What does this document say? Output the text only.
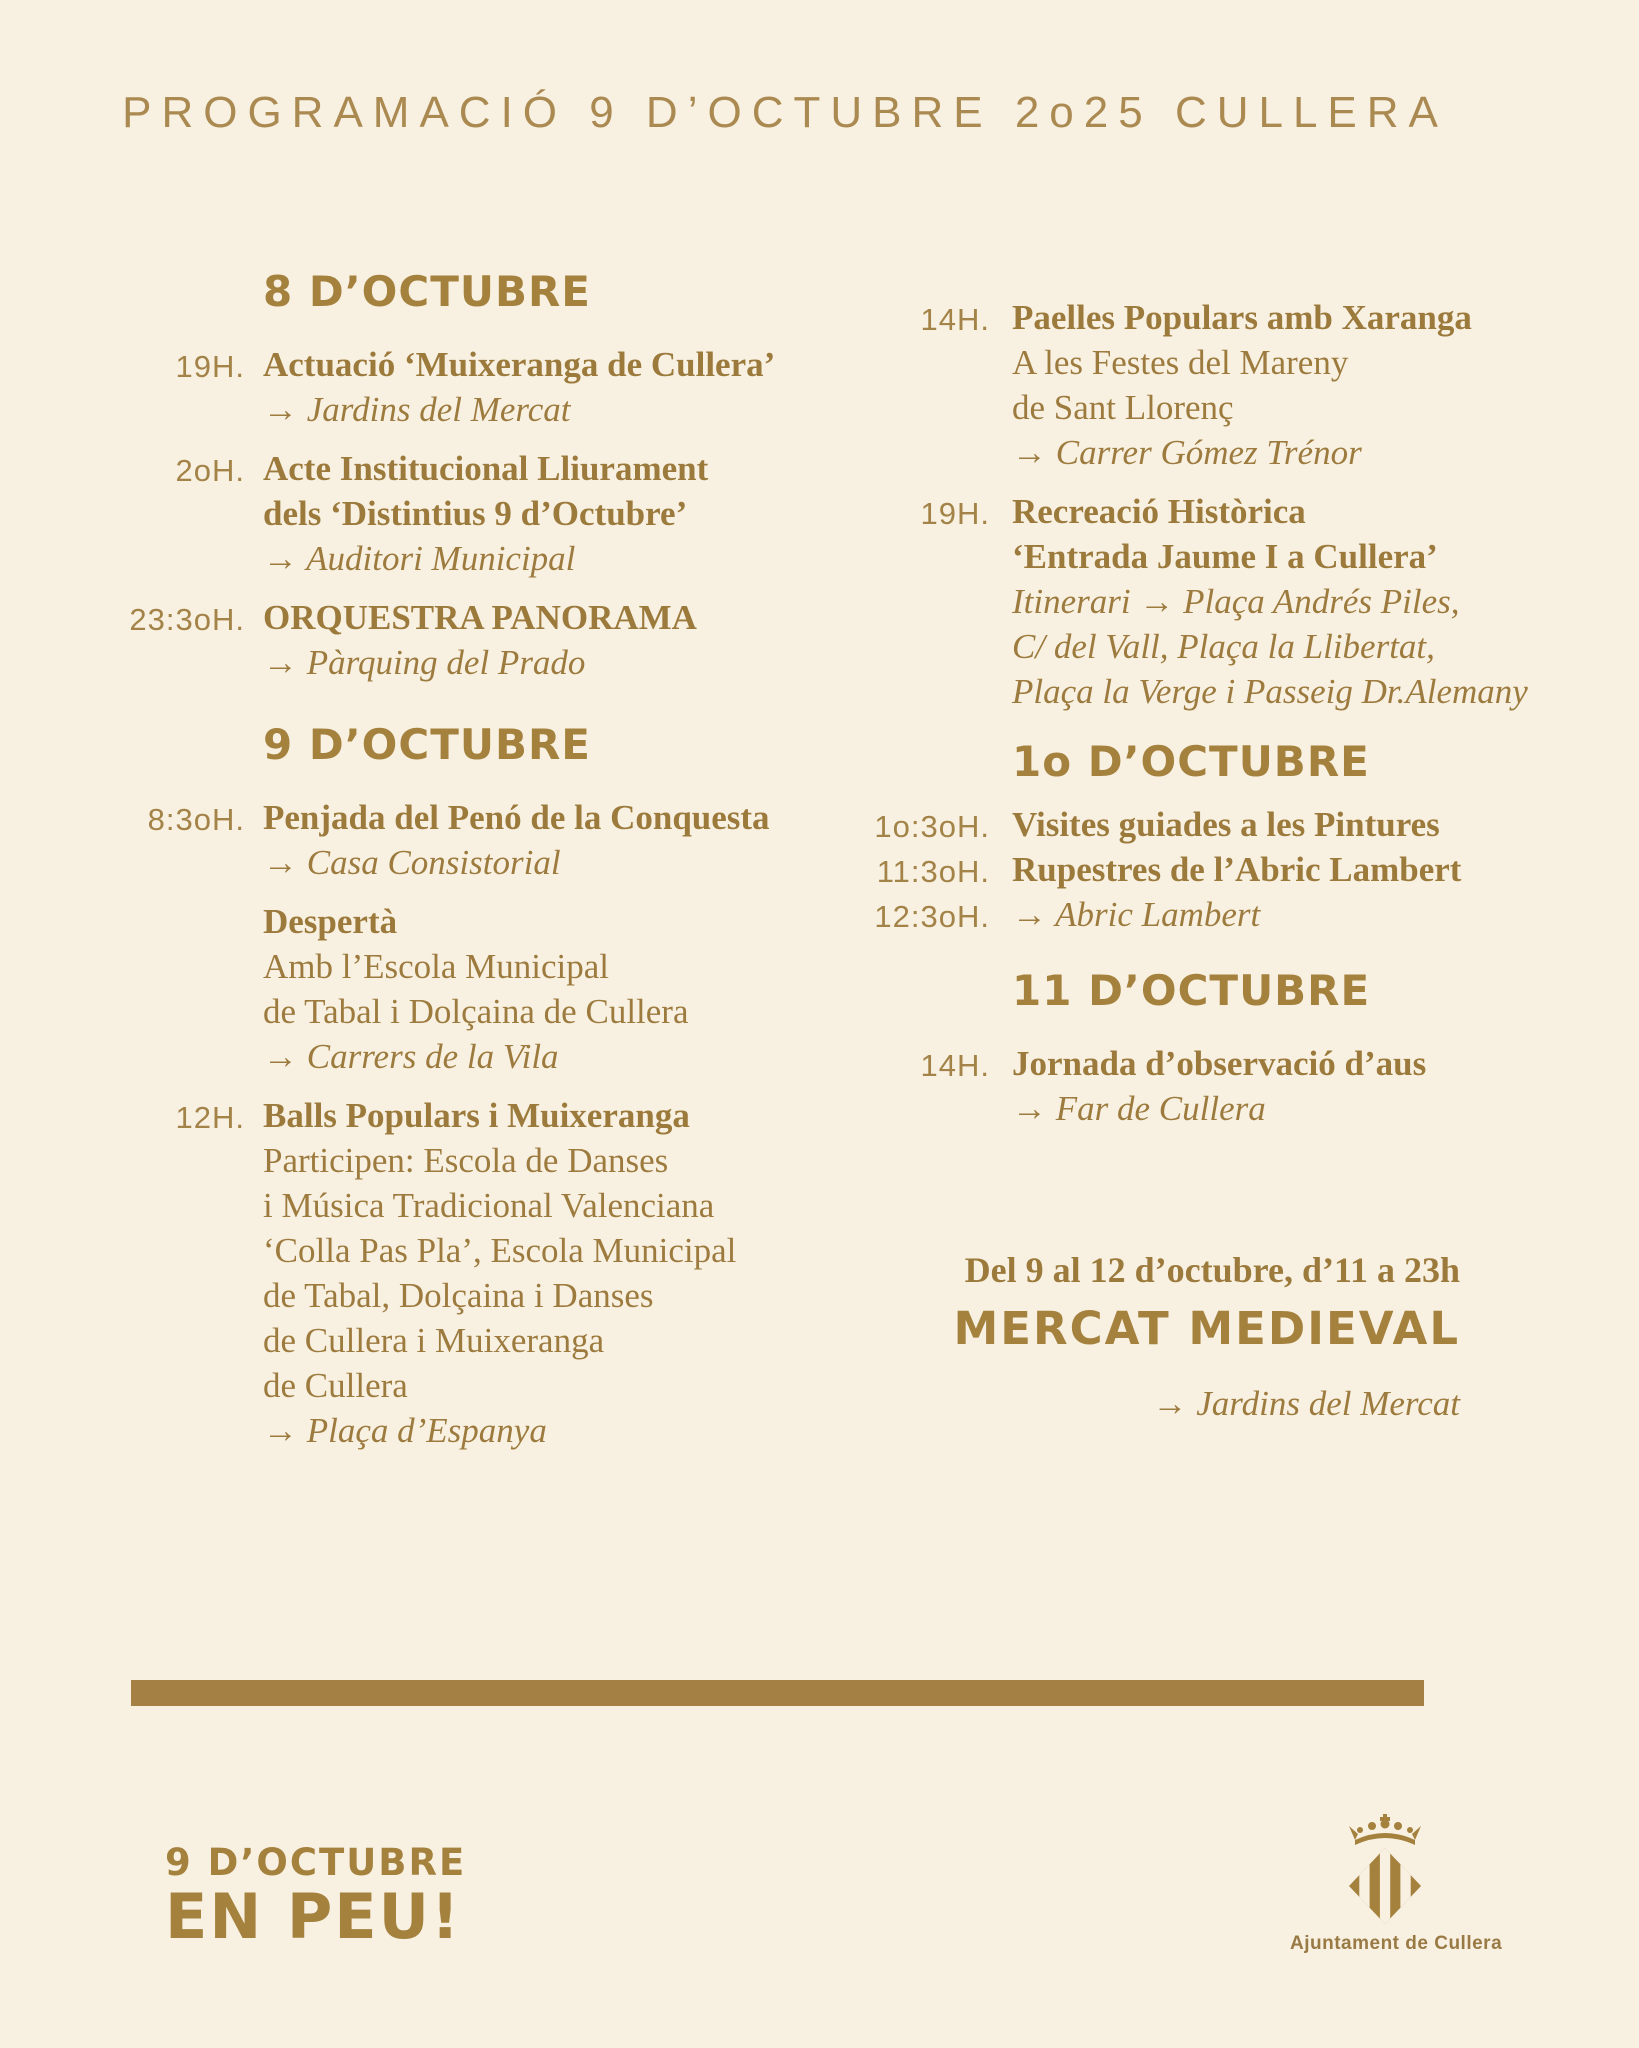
PROGRAMACIÓ 9 D’OCTUBRE 2o25 CULLERA
8 D’OCTUBRE
19H. Actuació ‘Muixeranga de Cullera’
→ Jardins del Mercat
2oH. Acte Institucional Lliurament
dels ‘Distintius 9 d’Octubre’
→ Auditori Municipal
23:3oH. ORQUESTRA PANORAMA
→ Pàrquing del Prado
9 D’OCTUBRE
8:3oH. Penjada del Penó de la Conquesta
→ Casa Consistorial
Despertà
Amb l’Escola Municipal
de Tabal i Dolçaina de Cullera
→ Carrers de la Vila
12H. Balls Populars i Muixeranga
Participen: Escola de Danses
i Música Tradicional Valenciana
‘Colla Pas Pla’, Escola Municipal
de Tabal, Dolçaina i Danses
de Cullera i Muixeranga
de Cullera
→ Plaça d’Espanya
14H. Paelles Populars amb Xaranga
A les Festes del Mareny
de Sant Llorenç
→ Carrer Gómez Trénor
19H. Recreació Històrica
‘Entrada Jaume I a Cullera’
Itinerari → Plaça Andrés Piles,
C/ del Vall, Plaça la Llibertat,
Plaça la Verge i Passeig Dr.Alemany
1o D’OCTUBRE
1o:3oH. Visites guiades a les Pintures
11:3oH. Rupestres de l’Abric Lambert
12:3oH. → Abric Lambert
11 D’OCTUBRE
14H. Jornada d’observació d’aus
→ Far de Cullera
Del 9 al 12 d’octubre, d’11 a 23h
MERCAT MEDIEVAL
→ Jardins del Mercat
9 D’OCTUBRE
EN PEU!	Ajuntament de Cullera
